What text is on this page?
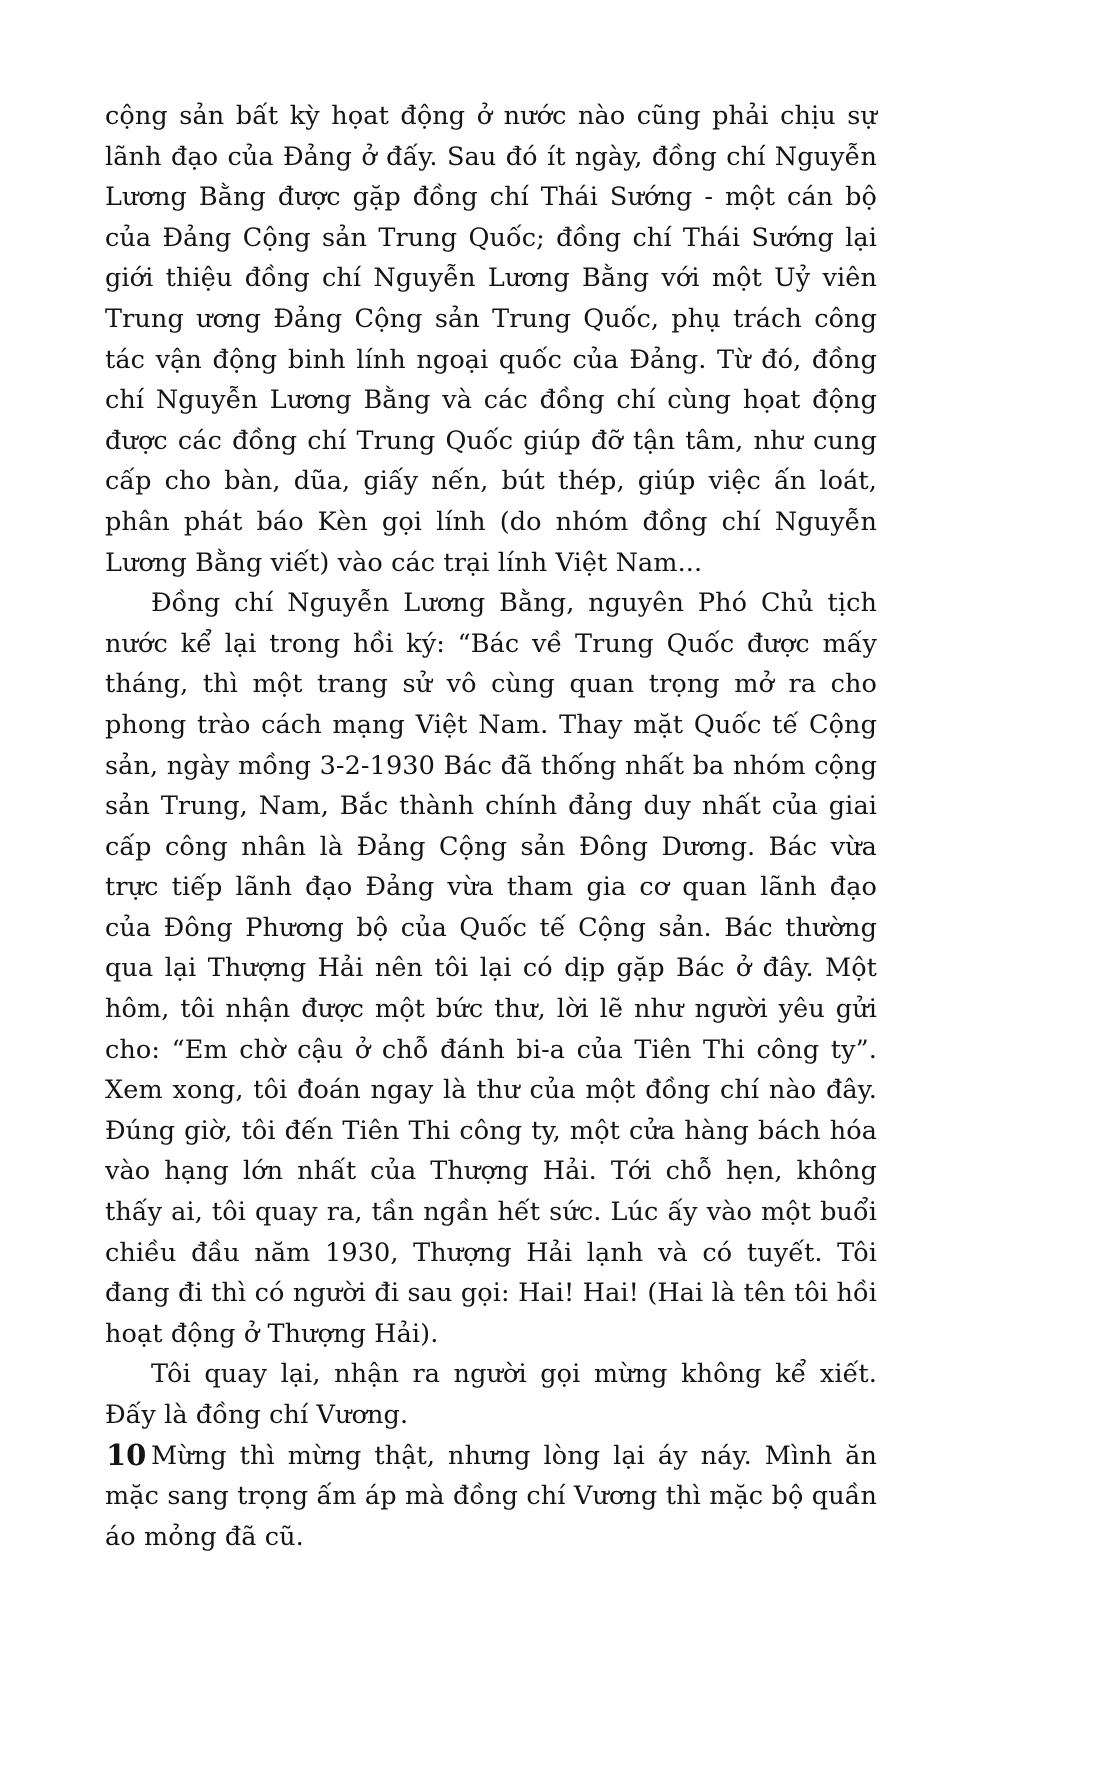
cộng sản bất kỳ họat động ở nước nào cũng phải chịu sự lãnh đạo của Đảng ở đấy. Sau đó ít ngày, đồng chí Nguyễn Lương Bằng được gặp đồng chí Thái Sướng - một cán bộ của Đảng Cộng sản Trung Quốc; đồng chí Thái Sướng lại giới thiệu đồng chí Nguyễn Lương Bằng với một Uỷ viên Trung ương Đảng Cộng sản Trung Quốc, phụ trách công tác vận động binh lính ngoại quốc của Đảng. Từ đó, đồng chí Nguyễn Lương Bằng và các đồng chí cùng họat động được các đồng chí Trung Quốc giúp đỡ tận tâm, như cung cấp cho bàn, dũa, giấy nến, bút thép, giúp việc ấn loát, phân phát báo Kèn gọi lính (do nhóm đồng chí Nguyễn Lương Bằng viết) vào các trại lính Việt Nam...

Đồng chí Nguyễn Lương Bằng, nguyên Phó Chủ tịch nước kể lại trong hồi ký: “Bác về Trung Quốc được mấy tháng, thì một trang sử vô cùng quan trọng mở ra cho phong trào cách mạng Việt Nam. Thay mặt Quốc tế Cộng sản, ngày mồng 3-2-1930 Bác đã thống nhất ba nhóm cộng sản Trung, Nam, Bắc thành chính đảng duy nhất của giai cấp công nhân là Đảng Cộng sản Đông Dương. Bác vừa trực tiếp lãnh đạo Đảng vừa tham gia cơ quan lãnh đạo của Đông Phương bộ của Quốc tế Cộng sản. Bác thường qua lại Thượng Hải nên tôi lại có dịp gặp Bác ở đây. Một hôm, tôi nhận được một bức thư, lời lẽ như người yêu gửi cho: “Em chờ cậu ở chỗ đánh bi-a của Tiên Thi công ty”. Xem xong, tôi đoán ngay là thư của một đồng chí nào đây. Đúng giờ, tôi đến Tiên Thi công ty, một cửa hàng bách hóa vào hạng lớn nhất của Thượng Hải. Tới chỗ hẹn, không thấy ai, tôi quay ra, tần ngần hết sức. Lúc ấy vào một buổi chiều đầu năm 1930, Thượng Hải lạnh và có tuyết. Tôi đang đi thì có người đi sau gọi: Hai! Hai! (Hai là tên tôi hồi hoạt động ở Thượng Hải).

Tôi quay lại, nhận ra người gọi mừng không kể xiết. Đấy là đồng chí Vương.

Mừng thì mừng thật, nhưng lòng lại áy náy. Mình ăn mặc sang trọng ấm áp mà đồng chí Vương thì mặc bộ quần áo mỏng đã cũ.

10
